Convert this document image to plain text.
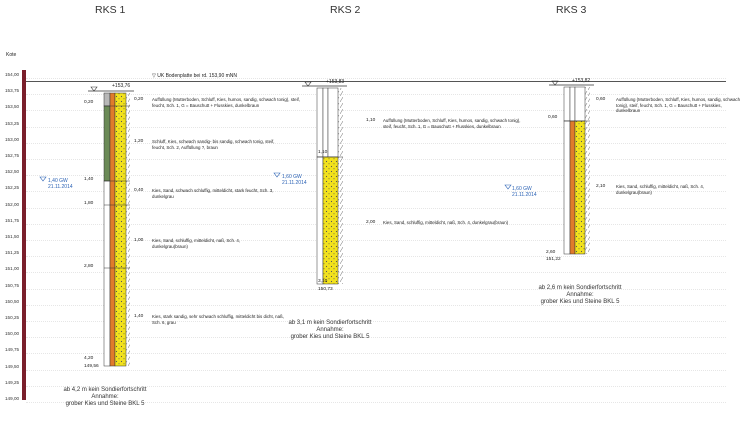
RKS 1	RKS 2	RKS 3
Kote
154,00
153,75
153,50
153,25
153,00
152,75
152,50
152,25
152,00
151,75
151,50
151,25
151,00
150,75
150,50
150,25
150,00
149,75
149,50
149,25
149,00
▽ UK Bodenplatte bei rd. 153,90 mNN
+153,76
0,20
1,40
1,80
2,80
4,20
149,56
1,40 GW
21.11.2014
0,20 Auffüllung (Mutterboden, Schluff, Kies, humos, sandig, schwach tonig), steif, feucht, Sch. 1, G = Bauschutt + Flusskies, dunkelbraun
1,20 Schluff, Kies, schwach sandig- bis sandig, schwach tonig, steif, feucht, Sch. 2, Auffüllung ?, braun
0,40 Kies, Sand, schwach schluffig, mitteldicht, stark feucht, Sch. 3, dunkelgrau
1,00 Kies, Sand, schluffig, mitteldicht, naß, Sch. 4, dunkelgrau(braun)
1,40 Kies, stark sandig, sehr schwach schluffig, mitteldicht bis dicht, naß, Sch. 6, grau
ab 4,2 m kein Sondierfortschritt
Annahme:
grober Kies und Steine BKL 5
+153,83
1,10
3,10
150,73
1,60 GW
21.11.2014
1,10 Auffüllung (Mutterboden, Schluff, Kies, humos, sandig, schwach tonig), steif, feucht, Sch. 1, G = Bauschutt + Flusskies, dunkelbraun
2,00 Kies, Sand, schluffig, mitteldicht, naß, Sch. 4, dunkelgrau(braun)
ab 3,1 m kein Sondierfortschritt
Annahme:
grober Kies und Steine BKL 5
+153,82
0,60
2,60
151,22
1,60 GW
21.11.2014
0,60 Auffüllung (Mutterboden, Schluff, Kies, humos, sandig, schwach tonig), steif, feucht, Sch. 1, G = Bauschutt + Flusskies, dunkelbraun
2,10 Kies, Sand, schluffig, mitteldicht, naß, Sch. 4, dunkelgrau(braun)
ab 2,6 m kein Sondierfortschritt
Annahme:
grober Kies und Steine BKL 5
